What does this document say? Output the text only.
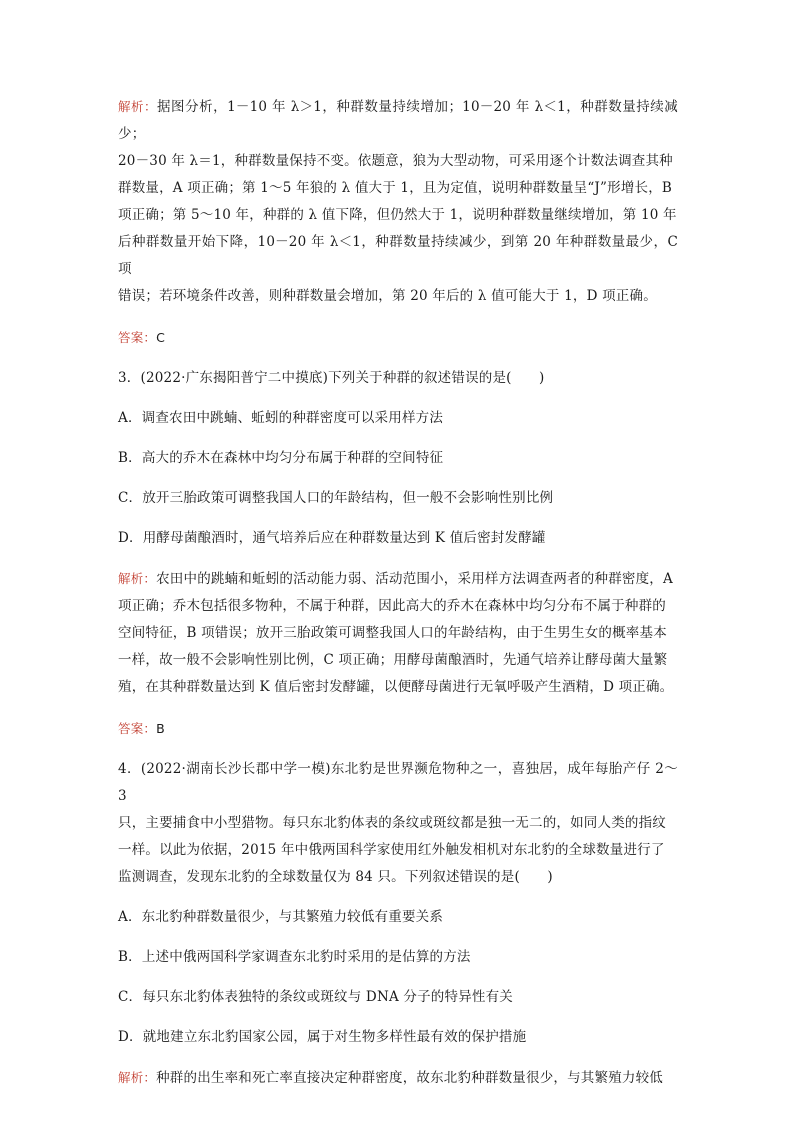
解析：据图分析，1－10 年 λ＞1，种群数量持续增加；10－20 年 λ＜1，种群数量持续减少；
20－30 年 λ＝1，种群数量保持不变。依题意，狼为大型动物，可采用逐个计数法调查其种
群数量，A 项正确；第 1～5 年狼的 λ 值大于 1，且为定值，说明种群数量呈“J”形增长，B
项正确；第 5～10 年，种群的 λ 值下降，但仍然大于 1，说明种群数量继续增加，第 10 年
后种群数量开始下降，10－20 年 λ＜1，种群数量持续减少，到第 20 年种群数量最少，C 项
错误；若环境条件改善，则种群数量会增加，第 20 年后的 λ 值可能大于 1，D 项正确。

答案：C

3．(2022·广东揭阳普宁二中摸底)下列关于种群的叙述错误的是(　　)

A．调查农田中跳蝻、蚯蚓的种群密度可以采用样方法

B．高大的乔木在森林中均匀分布属于种群的空间特征

C．放开三胎政策可调整我国人口的年龄结构，但一般不会影响性别比例

D．用酵母菌酿酒时，通气培养后应在种群数量达到 K 值后密封发酵罐

解析：农田中的跳蝻和蚯蚓的活动能力弱、活动范围小，采用样方法调查两者的种群密度，A
项正确；乔木包括很多物种，不属于种群，因此高大的乔木在森林中均匀分布不属于种群的
空间特征，B 项错误；放开三胎政策可调整我国人口的年龄结构，由于生男生女的概率基本
一样，故一般不会影响性别比例，C 项正确；用酵母菌酿酒时，先通气培养让酵母菌大量繁
殖，在其种群数量达到 K 值后密封发酵罐，以便酵母菌进行无氧呼吸产生酒精，D 项正确。

答案：B

4．(2022·湖南长沙长郡中学一模)东北豹是世界濒危物种之一，喜独居，成年每胎产仔 2～3
只，主要捕食中小型猎物。每只东北豹体表的条纹或斑纹都是独一无二的，如同人类的指纹
一样。以此为依据，2015 年中俄两国科学家使用红外触发相机对东北豹的全球数量进行了
监测调查，发现东北豹的全球数量仅为 84 只。下列叙述错误的是(　　)

A．东北豹种群数量很少，与其繁殖力较低有重要关系

B．上述中俄两国科学家调查东北豹时采用的是估算的方法

C．每只东北豹体表独特的条纹或斑纹与 DNA 分子的特异性有关

D．就地建立东北豹国家公园，属于对生物多样性最有效的保护措施

解析：种群的出生率和死亡率直接决定种群密度，故东北豹种群数量很少，与其繁殖力较低
